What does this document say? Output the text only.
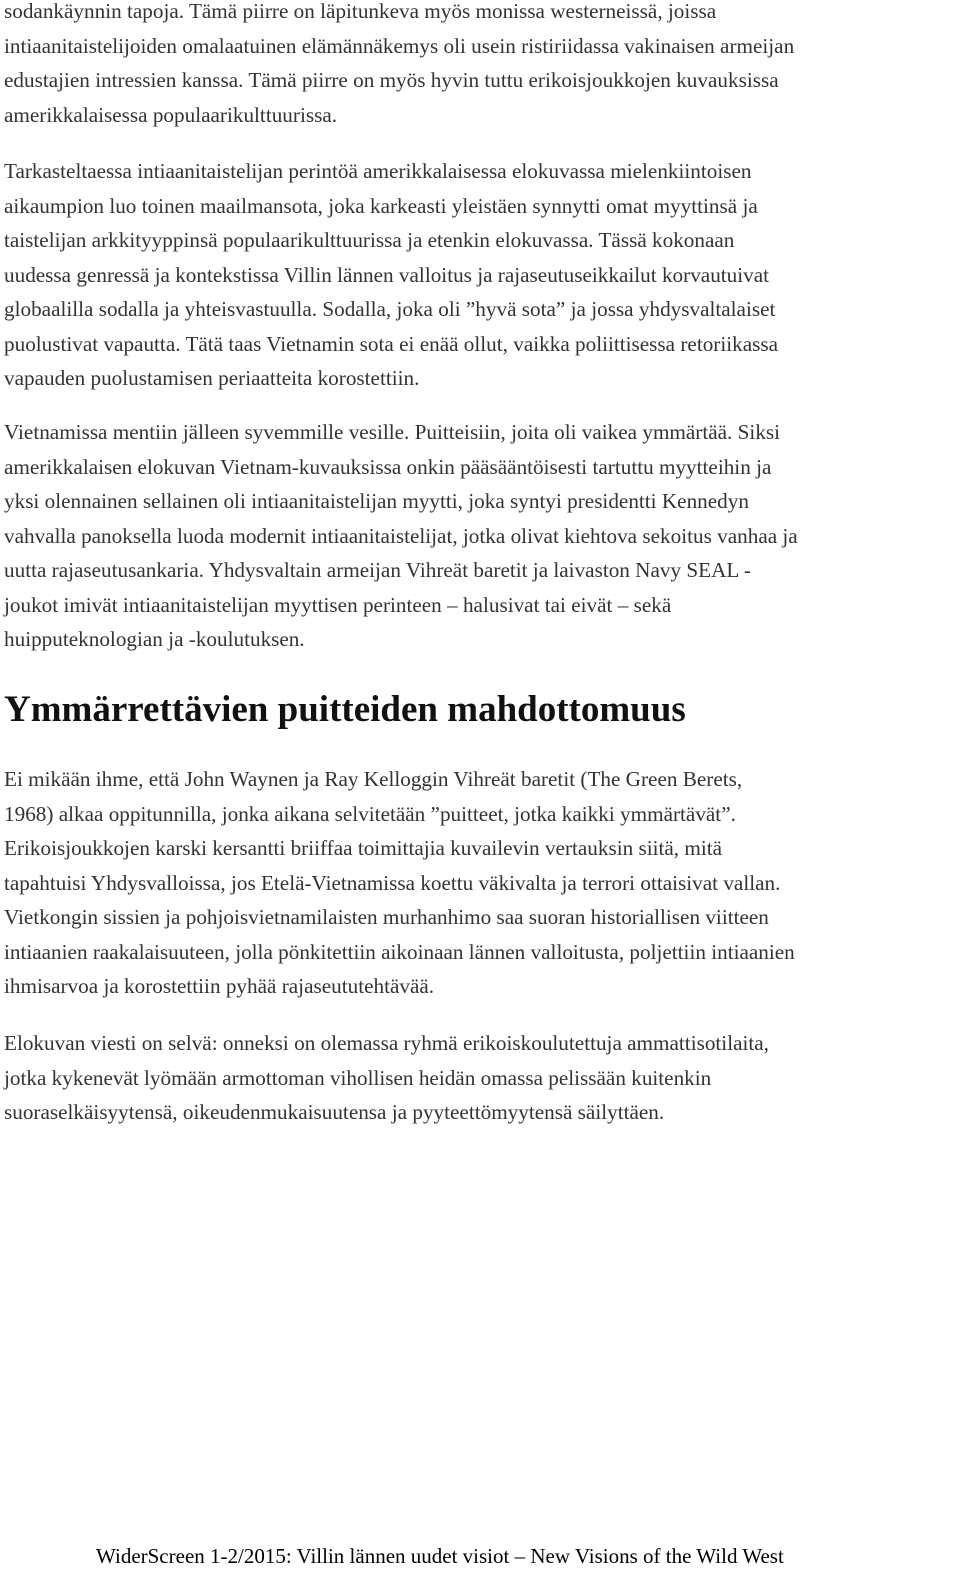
sodankäynnin tapoja. Tämä piirre on läpitunkeva myös monissa westerneissä, joissa
intiaanitaistelijoiden omalaatuinen elämännäkemys oli usein ristiriidassa vakinaisen armeijan
edustajien intressien kanssa. Tämä piirre on myös hyvin tuttu erikoisjoukkojen kuvauksissa
amerikkalaisessa populaarikulttuurissa.

Tarkasteltaessa intiaanitaistelijan perintöä amerikkalaisessa elokuvassa mielenkiintoisen
aikaumpion luo toinen maailmansota, joka karkeasti yleistäen synnytti omat myyttinsä ja
taistelijan arkkityyppinsä populaarikulttuurissa ja etenkin elokuvassa. Tässä kokonaan
uudessa genressä ja kontekstissa Villin lännen valloitus ja rajaseutuseikkailut korvautuivat
globaalilla sodalla ja yhteisvastuulla. Sodalla, joka oli ”hyvä sota” ja jossa yhdysvaltalaiset
puolustivat vapautta. Tätä taas Vietnamin sota ei enää ollut, vaikka poliittisessa retoriikassa
vapauden puolustamisen periaatteita korostettiin.

Vietnamissa mentiin jälleen syvemmille vesille. Puitteisiin, joita oli vaikea ymmärtää. Siksi
amerikkalaisen elokuvan Vietnam-kuvauksissa onkin pääsääntöisesti tartuttu myytteihin ja
yksi olennainen sellainen oli intiaanitaistelijan myytti, joka syntyi presidentti Kennedyn
vahvalla panoksella luoda modernit intiaanitaistelijat, jotka olivat kiehtova sekoitus vanhaa ja
uutta rajaseutusankaria. Yhdysvaltain armeijan Vihreät baretit ja laivaston Navy SEAL -
joukot imivät intiaanitaistelijan myyttisen perinteen – halusivat tai eivät – sekä
huipputeknologian ja -koulutuksen.

Ymmärrettävien puitteiden mahdottomuus

Ei mikään ihme, että John Waynen ja Ray Kelloggin Vihreät baretit (The Green Berets,
1968) alkaa oppitunnilla, jonka aikana selvitetään ”puitteet, jotka kaikki ymmärtävät”.
Erikoisjoukkojen karski kersantti briiffaa toimittajia kuvailevin vertauksin siitä, mitä
tapahtuisi Yhdysvalloissa, jos Etelä-Vietnamissa koettu väkivalta ja terrori ottaisivat vallan.
Vietkongin sissien ja pohjoisvietnamilaisten murhanhimo saa suoran historiallisen viitteen
intiaanien raakalaisuuteen, jolla pönkitettiin aikoinaan lännen valloitusta, poljettiin intiaanien
ihmisarvoa ja korostettiin pyhää rajaseututehtävää.

Elokuvan viesti on selvä: onneksi on olemassa ryhmä erikoiskoulutettuja ammattisotilaita,
jotka kykenevät lyömään armottoman vihollisen heidän omassa pelissään kuitenkin
suoraselkäisyytensä, oikeudenmukaisuutensa ja pyyteettömyytensä säilyttäen.

WiderScreen 1-2/2015: Villin lännen uudet visiot – New Visions of the Wild West
